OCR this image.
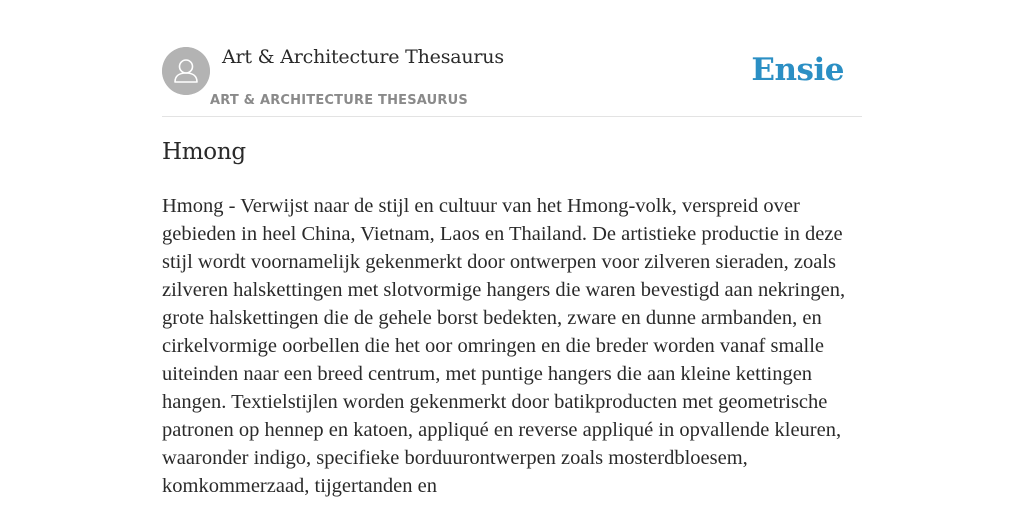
Art & Architecture Thesaurus
ART & ARCHITECTURE THESAURUS
Ensie
Hmong

Hmong - Verwijst naar de stijl en cultuur van het Hmong-volk, verspreid over gebieden in heel China, Vietnam, Laos en Thailand. De artistieke productie in deze stijl wordt voornamelijk gekenmerkt door ontwerpen voor zilveren sieraden, zoals zilveren halskettingen met slotvormige hangers die waren bevestigd aan nekringen, grote halskettingen die de gehele borst bedekten, zware en dunne armbanden, en cirkelvormige oorbellen die het oor omringen en die breder worden vanaf smalle uiteinden naar een breed centrum, met puntige hangers die aan kleine kettingen hangen. Textielstijlen worden gekenmerkt door batikproducten met geometrische patronen op hennep en katoen, appliqué en reverse appliqué in opvallende kleuren, waaronder indigo, specifieke borduurontwerpen zoals mosterdbloesem, komkommerzaad, tijgertanden en
